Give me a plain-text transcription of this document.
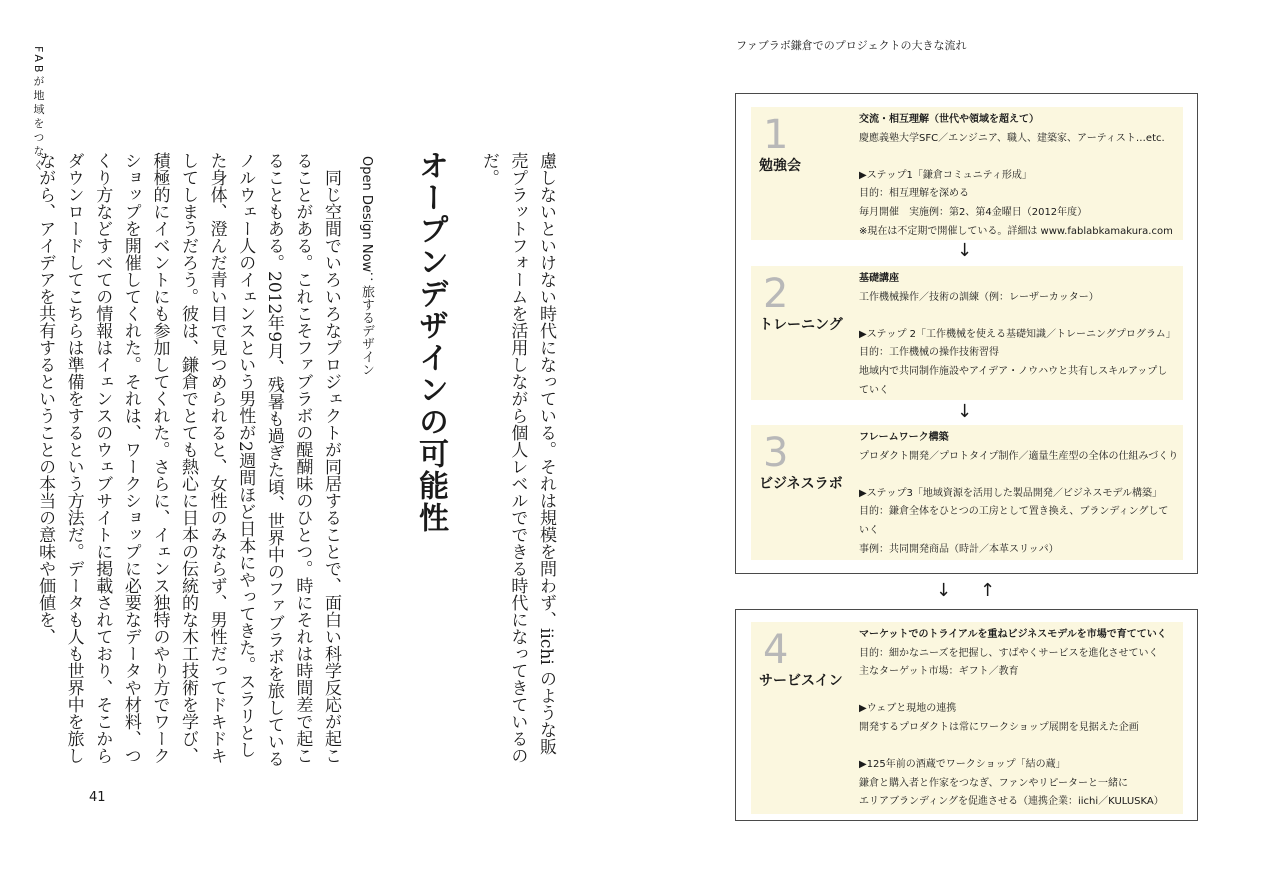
FABが地域をつなぐ

慮しないといけない時代になっている。それは規模を問わず、iichi のような販売プラットフォームを活用しながら個人レベルでできる時代になってきているのだ。

オープンデザインの可能性
Open Design Now：旅するデザイン

同じ空間でいろいろなプロジェクトが同居することで、面白い科学反応が起こることがある。これこそファブラボの醍醐味のひとつ。時にそれは時間差で起こることもある。2012年9月、残暑も過ぎた頃、世界中のファブラボを旅しているノルウェー人のイェンスという男性が2週間ほど日本にやってきた。スラリとした身体、澄んだ青い目で見つめられると、女性のみならず、男性だってドキドキしてしまうだろう。彼は、鎌倉でとても熱心に日本の伝統的な木工技術を学び、積極的にイベントにも参加してくれた。さらに、イェンス独特のやり方でワークショップを開催してくれた。それは、ワークショップに必要なデータや材料、つくり方などすべての情報はイェンスのウェブサイトに掲載されており、そこからダウンロードしてこちらは準備をするという方法だ。データも人も世界中を旅しながら、アイデアを共有するということの本当の意味や価値を、

41
ファブラボ鎌倉でのプロジェクトの大きな流れ
1
勉強会
交流・相互理解（世代や領域を超えて）
慶應義塾大学SFC／エンジニア、職人、建築家、アーティスト…etc.
▶ステップ1「鎌倉コミュニティ形成」
目的：相互理解を深める
毎月開催　実施例：第2、第4金曜日（2012年度）
※現在は不定期で開催している。詳細は www.fablabkamakura.com
↓
2
トレーニング
基礎講座
工作機械操作／技術の訓練（例：レーザーカッター）
▶ステップ 2「工作機械を使える基礎知識／トレーニングプログラム」
目的：工作機械の操作技術習得
地域内で共同制作施設やアイデア・ノウハウと共有しスキルアップし
ていく
↓
3
ビジネスラボ
フレームワーク構築
プロダクト開発／プロトタイプ制作／適量生産型の全体の仕組みづくり
▶ステップ3「地域資源を活用した製品開発／ビジネスモデル構築」
目的：鎌倉全体をひとつの工房として置き換え、ブランディングして
いく
事例：共同開発商品（時計／本革スリッパ）
↓ ↑
4
サービスイン
マーケットでのトライアルを重ねビジネスモデルを市場で育てていく
目的：細かなニーズを把握し、すばやくサービスを進化させていく
主なターゲット市場：ギフト／教育
▶ウェブと現地の連携
開発するプロダクトは常にワークショップ展開を見据えた企画
▶125年前の酒蔵でワークショップ「結の蔵」
鎌倉と購入者と作家をつなぎ、ファンやリピーターと一緒に
エリアブランディングを促進させる（連携企業：iichi／KULUSKA）
